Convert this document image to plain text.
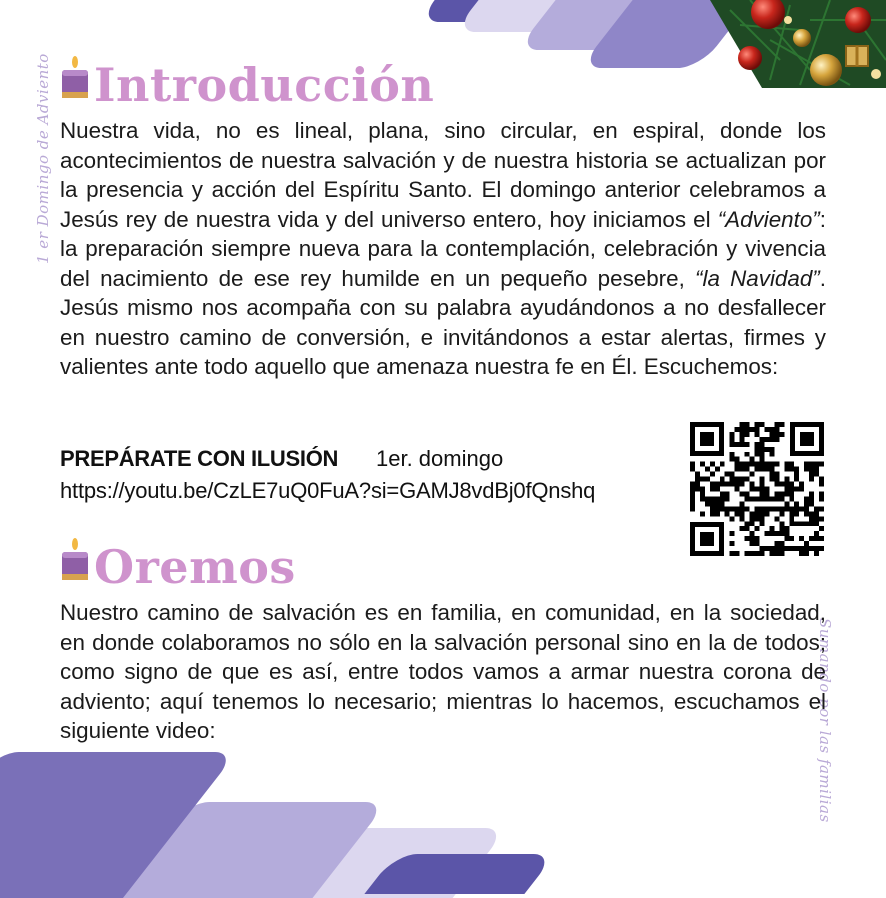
1 er Domingo de Adviento
Sumando por las familias
Introducción
Nuestra vida, no es lineal, plana, sino circular, en espiral, donde los acontecimientos de nuestra salvación y de nuestra historia se actualizan por la presencia y acción del Espíritu Santo. El domingo anterior celebramos a Jesús rey de nuestra vida y del universo entero, hoy iniciamos el “Adviento”: la preparación siempre nueva para la contemplación, celebración y vivencia del nacimiento de ese rey humilde en un pequeño pesebre, “la Navidad”. Jesús mismo nos acompaña con su palabra ayudándonos a no desfallecer en nuestro camino de conversión, e invitándonos a estar alertas, firmes y valientes ante todo aquello que amenaza nuestra fe en Él. Escuchemos:
PREPÁRATE CON ILUSIÓN 1er. domingo
https://youtu.be/CzLE7uQ0FuA?si=GAMJ8vdBj0fQnshq
Oremos
Nuestro camino de salvación es en familia, en comunidad, en la sociedad, en donde colaboramos no sólo en la salvación personal sino en la de todos; como signo de que es así, entre todos vamos a armar nuestra corona de adviento; aquí tenemos lo necesario; mientras lo hacemos, escuchamos el siguiente video:
